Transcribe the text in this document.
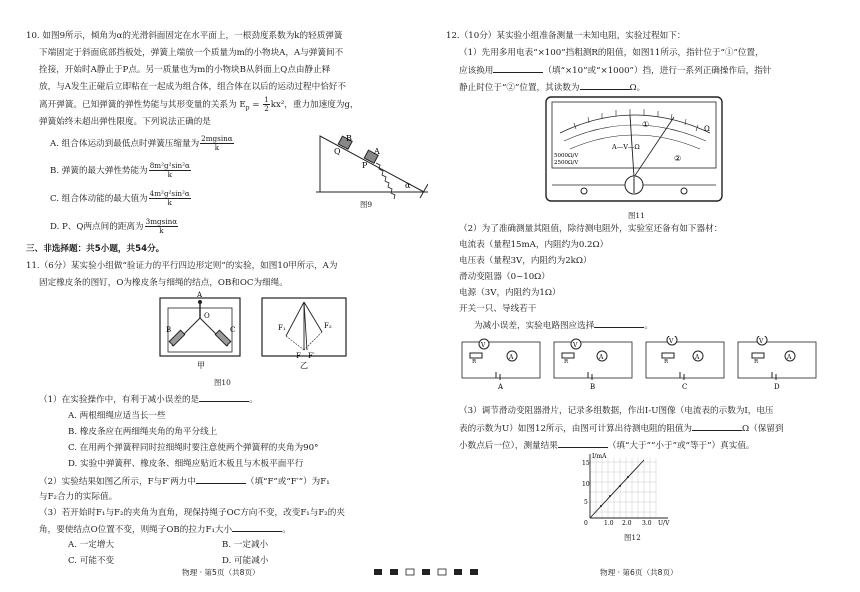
10. 如图9所示，倾角为α的光滑斜面固定在水平面上，一根劲度系数为k的轻质弹簧
下端固定于斜面底部挡板处，弹簧上端放一个质量为m的小物块A，A与弹簧间不
拴接，开始时A静止于P点。另一质量也为m的小物块B从斜面上Q点由静止释
放，与A发生正碰后立即粘在一起成为组合体，组合体在以后的运动过程中恰好不
离开弹簧。已知弹簧的弹性势能与其形变量的关系为 $E_p = \frac{1}{2} kx^2$，重力加速度为g，
弹簧始终未超出弹性限度。下列说法正确的是
A. 组合体运动到最低点时弹簧压缩量为 $\frac{2mgsin\alpha}{k}$
B. 弹簧的最大弹性势能为 $\frac{\text{8m²g²sin²α}}{k}$
C. 组合体动能的最大值为 $\frac{\text{4m²g²sin²α}}{k}$
D. P、Q两点间的距离为 $\frac{3mgsin\alpha}{k}$
B
Q	A
P
α
图9
三、非选择题：共5小题，共54分。
11.（6分）某实验小组做“验证力的平行四边形定则”的实验，如图10甲所示，A为
固定橡皮条的图钉，O为橡皮条与细绳的结点，OB和OC为细绳。
A
O
B	C
甲
F₁	F₂
F F′
乙
图10
（1）在实验操作中，有利于减小误差的是	。
A. 两根细绳应适当长一些
B. 橡皮条应在两细绳夹角的角平分线上
C. 在用两个弹簧秤同时拉细绳时要注意使两个弹簧秤的夹角为90°
D. 实验中弹簧秤、橡皮条、细绳应贴近木板且与木板平面平行
（2）实验结果如图乙所示，F与F′两力中	（填“F”或“F′”）为F₁
与F₂合力的实际值。
（3）若开始时F₁与F₂的夹角为直角，现保持绳子OC方向不变，改变F₁与F₂的夹
角，要使结点O位置不变，则绳子OB的拉力F₁大小	。
A. 一定增大	B. 一定减小
C. 可能不变	D. 可能减小
12.（10分）某实验小组准备测量一未知电阻，实验过程如下：
（1）先用多用电表“×100”挡粗测R的阻值，如图11所示，指针位于“①”位置，
应该换用	（填“×10”或“×1000”）挡，进行一系列正确操作后，指针
静止时位于“②”位置，其读数为	Ω。
Ω
A—V—Ω
5000Ω/V
2500Ω/V
①
②
图11
（2）为了准确测量其阻值，除待测电阻外，实验室还备有如下器材：
电流表（量程15mA，内阻约为0.2Ω）
电压表（量程3V，内阻约为2kΩ）
滑动变阻器（0~10Ω）
电源（3V，内阻约为1Ω）
开关一只、导线若干
为减小误差，实验电路图应选择	。
V
R
A
A
V
R
A
B
V
R
A
C
V
R
A
D
（3）调节滑动变阻器滑片，记录多组数据，作出I-U图像（电流表的示数为I，电压
表的示数为U）如图12所示，由图可计算出待测电阻的阻值为	Ω（保留到
小数点后一位），测量结果	（填“大于”“小于”或“等于”）真实值。
I/mA
15
10
5
0	1.0 2.0 3.0 U/V
图12
物理 · 第5页（共8页）	物理 · 第6页（共8页）
